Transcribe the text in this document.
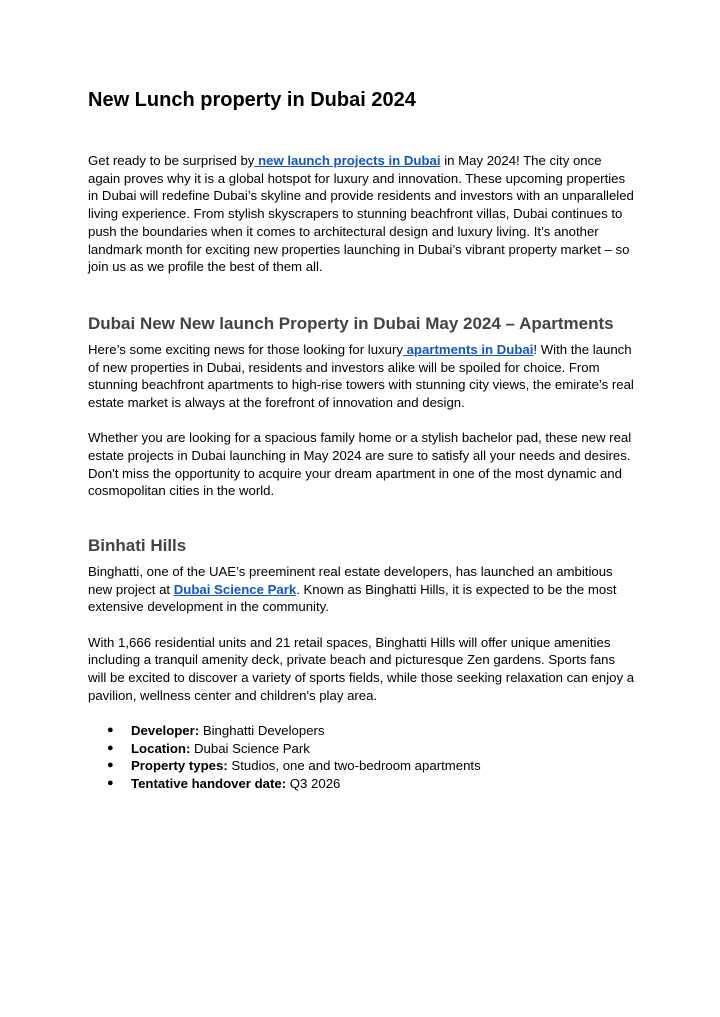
New Lunch property in Dubai 2024

Get ready to be surprised by new launch projects in Dubai in May 2024! The city once again proves why it is a global hotspot for luxury and innovation. These upcoming properties in Dubai will redefine Dubai’s skyline and provide residents and investors with an unparalleled living experience. From stylish skyscrapers to stunning beachfront villas, Dubai continues to push the boundaries when it comes to architectural design and luxury living. It’s another landmark month for exciting new properties launching in Dubai’s vibrant property market – so join us as we profile the best of them all.

Dubai New New launch Property in Dubai May 2024 – Apartments

Here’s some exciting news for those looking for luxury apartments in Dubai! With the launch of new properties in Dubai, residents and investors alike will be spoiled for choice. From stunning beachfront apartments to high-rise towers with stunning city views, the emirate’s real estate market is always at the forefront of innovation and design.

Whether you are looking for a spacious family home or a stylish bachelor pad, these new real estate projects in Dubai launching in May 2024 are sure to satisfy all your needs and desires. Don't miss the opportunity to acquire your dream apartment in one of the most dynamic and cosmopolitan cities in the world.

Binhati Hills

Binghatti, one of the UAE’s preeminent real estate developers, has launched an ambitious new project at Dubai Science Park. Known as Binghatti Hills, it is expected to be the most extensive development in the community.

With 1,666 residential units and 21 retail spaces, Binghatti Hills will offer unique amenities including a tranquil amenity deck, private beach and picturesque Zen gardens. Sports fans will be excited to discover a variety of sports fields, while those seeking relaxation can enjoy a pavilion, wellness center and children's play area.

● Developer: Binghatti Developers
● Location: Dubai Science Park
● Property types: Studios, one and two-bedroom apartments
● Tentative handover date: Q3 2026
